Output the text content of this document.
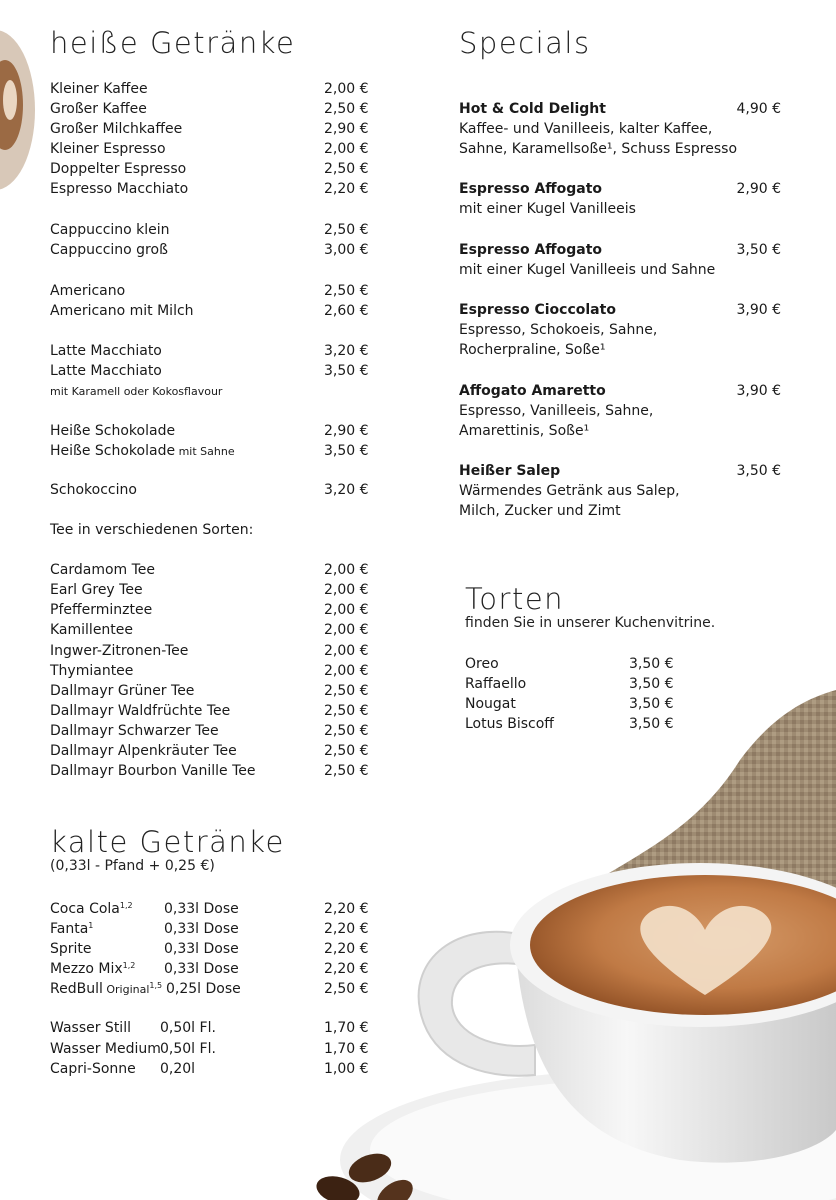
heiße Getränke
Kleiner Kaffee	2,00 €
Großer Kaffee	2,50 €
Großer Milchkaffee	2,90 €
Kleiner Espresso	2,00 €
Doppelter Espresso	2,50 €
Espresso Macchiato	2,20 €
Cappuccino klein	2,50 €
Cappuccino groß	3,00 €
Americano	2,50 €
Americano mit Milch	2,60 €
Latte Macchiato	3,20 €
Latte Macchiato	3,50 €
mit Karamell oder Kokosflavour
Heiße Schokolade	2,90 €
Heiße Schokolade mit Sahne	3,50 €
Schokoccino	3,20 €
Tee in verschiedenen Sorten:
Cardamom Tee	2,00 €
Earl Grey Tee	2,00 €
Pfefferminztee	2,00 €
Kamillentee	2,00 €
Ingwer-Zitronen-Tee	2,00 €
Thymiantee	2,00 €
Dallmayr Grüner Tee	2,50 €
Dallmayr Waldfrüchte Tee	2,50 €
Dallmayr Schwarzer Tee	2,50 €
Dallmayr Alpenkräuter Tee	2,50 €
Dallmayr Bourbon Vanille Tee	2,50 €
kalte Getränke
(0,33l - Pfand + 0,25 €)
Coca Cola$^{1,2}$ 0,33l Dose	2,20 €
Fanta$^1$	0,33l Dose	2,20 €
Sprite	0,33l Dose	2,20 €
Mezzo Mix$^{1,2}$ 0,33l Dose	2,20 €
RedBull Original$^{1,5}$ 0,25l Dose	2,50 €
Wasser Still 0,50l Fl.	1,70 €
Wasser Medium 0,50l Fl.	1,70 €
Capri-Sonne 0,20l	1,00 €
Specials
Hot & Cold Delight	4,90 €
Kaffee- und Vanilleeis, kalter Kaffee,
Sahne, Karamellsoße¹, Schuss Espresso
Espresso Affogato	2,90 €
mit einer Kugel Vanilleeis
Espresso Affogato	3,50 €
mit einer Kugel Vanilleeis und Sahne
Espresso Cioccolato	3,90 €
Espresso, Schokoeis, Sahne,
Rocherpraline, Soße¹
Affogato Amaretto	3,90 €
Espresso, Vanilleeis, Sahne,
Amarettinis, Soße¹
Heißer Salep	3,50 €
Wärmendes Getränk aus Salep,
Milch, Zucker und Zimt
Torten
finden Sie in unserer Kuchenvitrine.
Oreo	3,50 €
Raffaello	3,50 €
Nougat	3,50 €
Lotus Biscoff	3,50 €
